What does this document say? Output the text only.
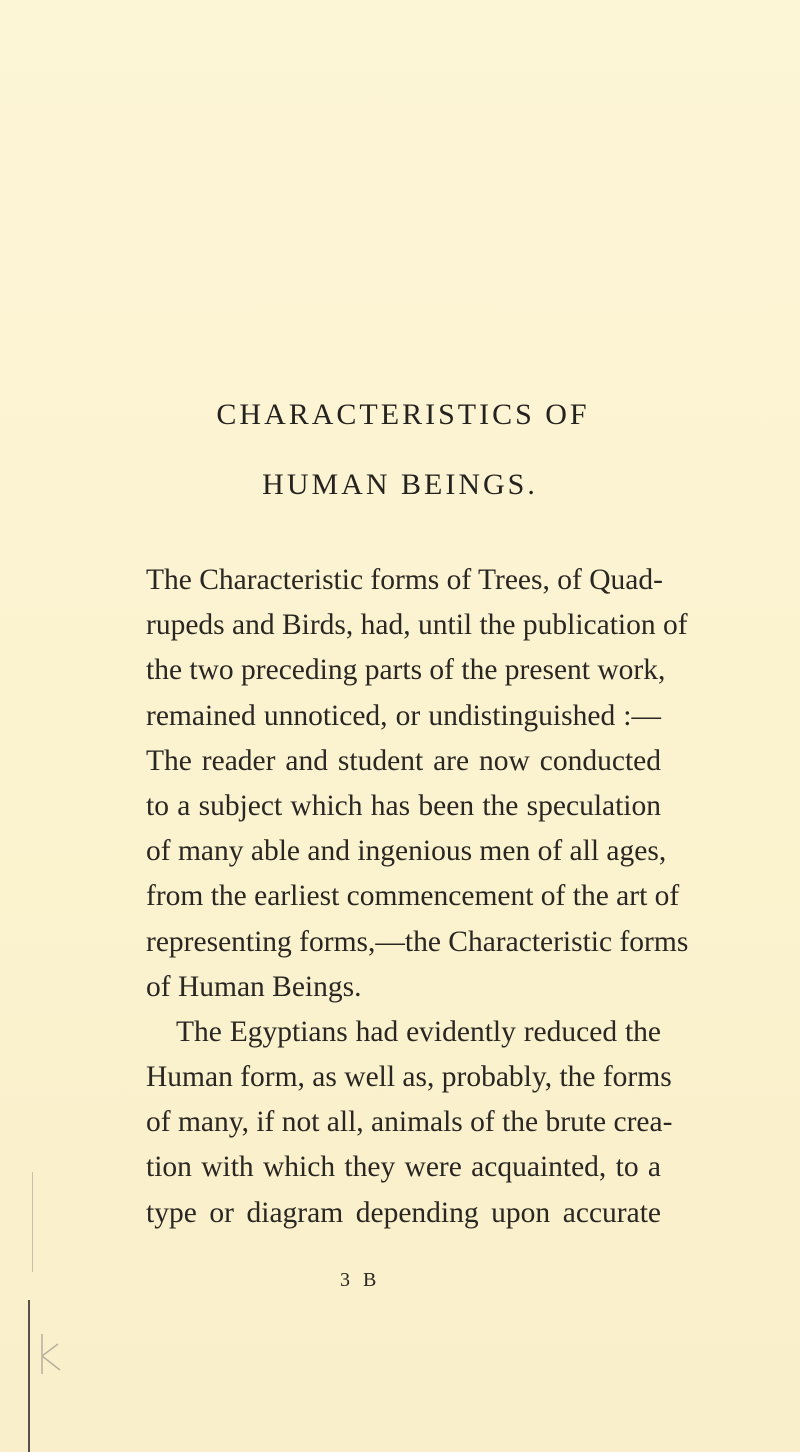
CHARACTERISTICS OF
HUMAN BEINGS.
The Characteristic forms of Trees, of Quad-
rupeds and Birds, had, until the publication of
the two preceding parts of the present work,
remained unnoticed, or undistinguished :—
The reader and student are now conducted
to a subject which has been the speculation
of many able and ingenious men of all ages,
from the earliest commencement of the art of
representing forms,—the Characteristic forms
of Human Beings.
The Egyptians had evidently reduced the
Human form, as well as, probably, the forms
of many, if not all, animals of the brute crea-
tion with which they were acquainted, to a
type or diagram depending upon accurate
3 B
